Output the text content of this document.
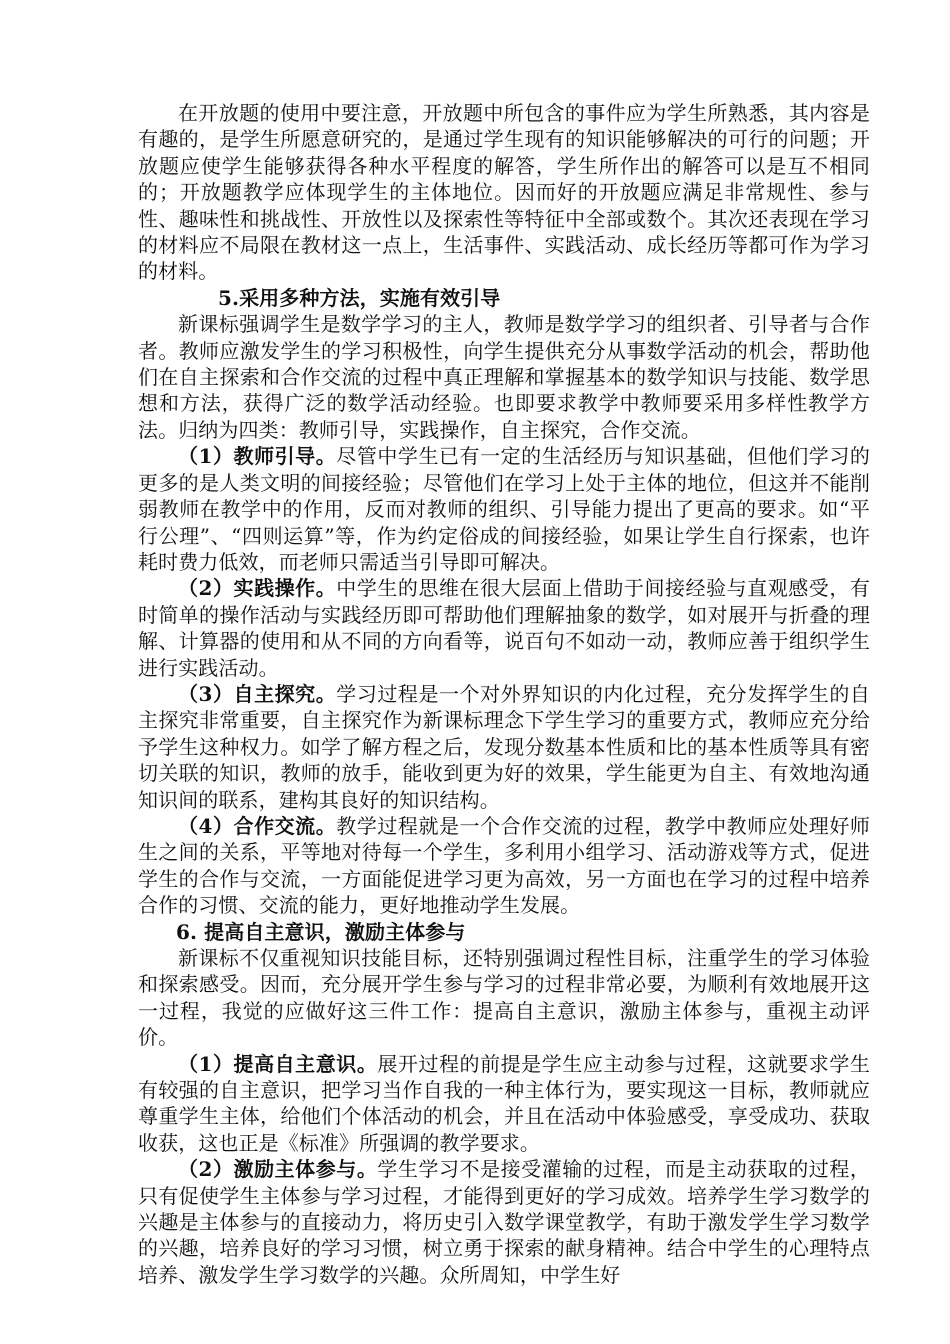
在开放题的使用中要注意，开放题中所包含的事件应为学生所熟悉，其内容是有趣的，是学生所愿意研究的，是通过学生现有的知识能够解决的可行的问题；开放题应使学生能够获得各种水平程度的解答，学生所作出的解答可以是互不相同的；开放题教学应体现学生的主体地位。因而好的开放题应满足非常规性、参与性、趣味性和挑战性、开放性以及探索性等特征中全部或数个。其次还表现在学习的材料应不局限在教材这一点上，生活事件、实践活动、成长经历等都可作为学习的材料。

5.采用多种方法，实施有效引导

新课标强调学生是数学学习的主人，教师是数学学习的组织者、引导者与合作者。教师应激发学生的学习积极性，向学生提供充分从事数学活动的机会，帮助他们在自主探索和合作交流的过程中真正理解和掌握基本的数学知识与技能、数学思想和方法，获得广泛的数学活动经验。也即要求教学中教师要采用多样性教学方法。归纳为四类：教师引导，实践操作，自主探究，合作交流。

（1）教师引导。尽管中学生已有一定的生活经历与知识基础，但他们学习的更多的是人类文明的间接经验；尽管他们在学习上处于主体的地位，但这并不能削弱教师在教学中的作用，反而对教师的组织、引导能力提出了更高的要求。如“平行公理”、“四则运算”等，作为约定俗成的间接经验，如果让学生自行探索，也许耗时费力低效，而老师只需适当引导即可解决。

（2）实践操作。中学生的思维在很大层面上借助于间接经验与直观感受，有时简单的操作活动与实践经历即可帮助他们理解抽象的数学，如对展开与折叠的理解、计算器的使用和从不同的方向看等，说百句不如动一动，教师应善于组织学生进行实践活动。

（3）自主探究。学习过程是一个对外界知识的内化过程，充分发挥学生的自主探究非常重要，自主探究作为新课标理念下学生学习的重要方式，教师应充分给予学生这种权力。如学了解方程之后，发现分数基本性质和比的基本性质等具有密切关联的知识，教师的放手，能收到更为好的效果，学生能更为自主、有效地沟通知识间的联系，建构其良好的知识结构。

（4）合作交流。教学过程就是一个合作交流的过程，教学中教师应处理好师生之间的关系，平等地对待每一个学生，多利用小组学习、活动游戏等方式，促进学生的合作与交流，一方面能促进学习更为高效，另一方面也在学习的过程中培养合作的习惯、交流的能力，更好地推动学生发展。

6. 提高自主意识，激励主体参与

新课标不仅重视知识技能目标，还特别强调过程性目标，注重学生的学习体验和探索感受。因而，充分展开学生参与学习的过程非常必要，为顺利有效地展开这一过程，我觉的应做好这三件工作：提高自主意识，激励主体参与，重视主动评价。

（1）提高自主意识。展开过程的前提是学生应主动参与过程，这就要求学生有较强的自主意识，把学习当作自我的一种主体行为，要实现这一目标，教师就应尊重学生主体，给他们个体活动的机会，并且在活动中体验感受，享受成功、获取收获，这也正是《标准》所强调的教学要求。

（2）激励主体参与。学生学习不是接受灌输的过程，而是主动获取的过程，只有促使学生主体参与学习过程，才能得到更好的学习成效。培养学生学习数学的兴趣是主体参与的直接动力，将历史引入数学课堂教学，有助于激发学生学习数学的兴趣，培养良好的学习习惯，树立勇于探索的献身精神。结合中学生的心理特点培养、激发学生学习数学的兴趣。众所周知，中学生好
